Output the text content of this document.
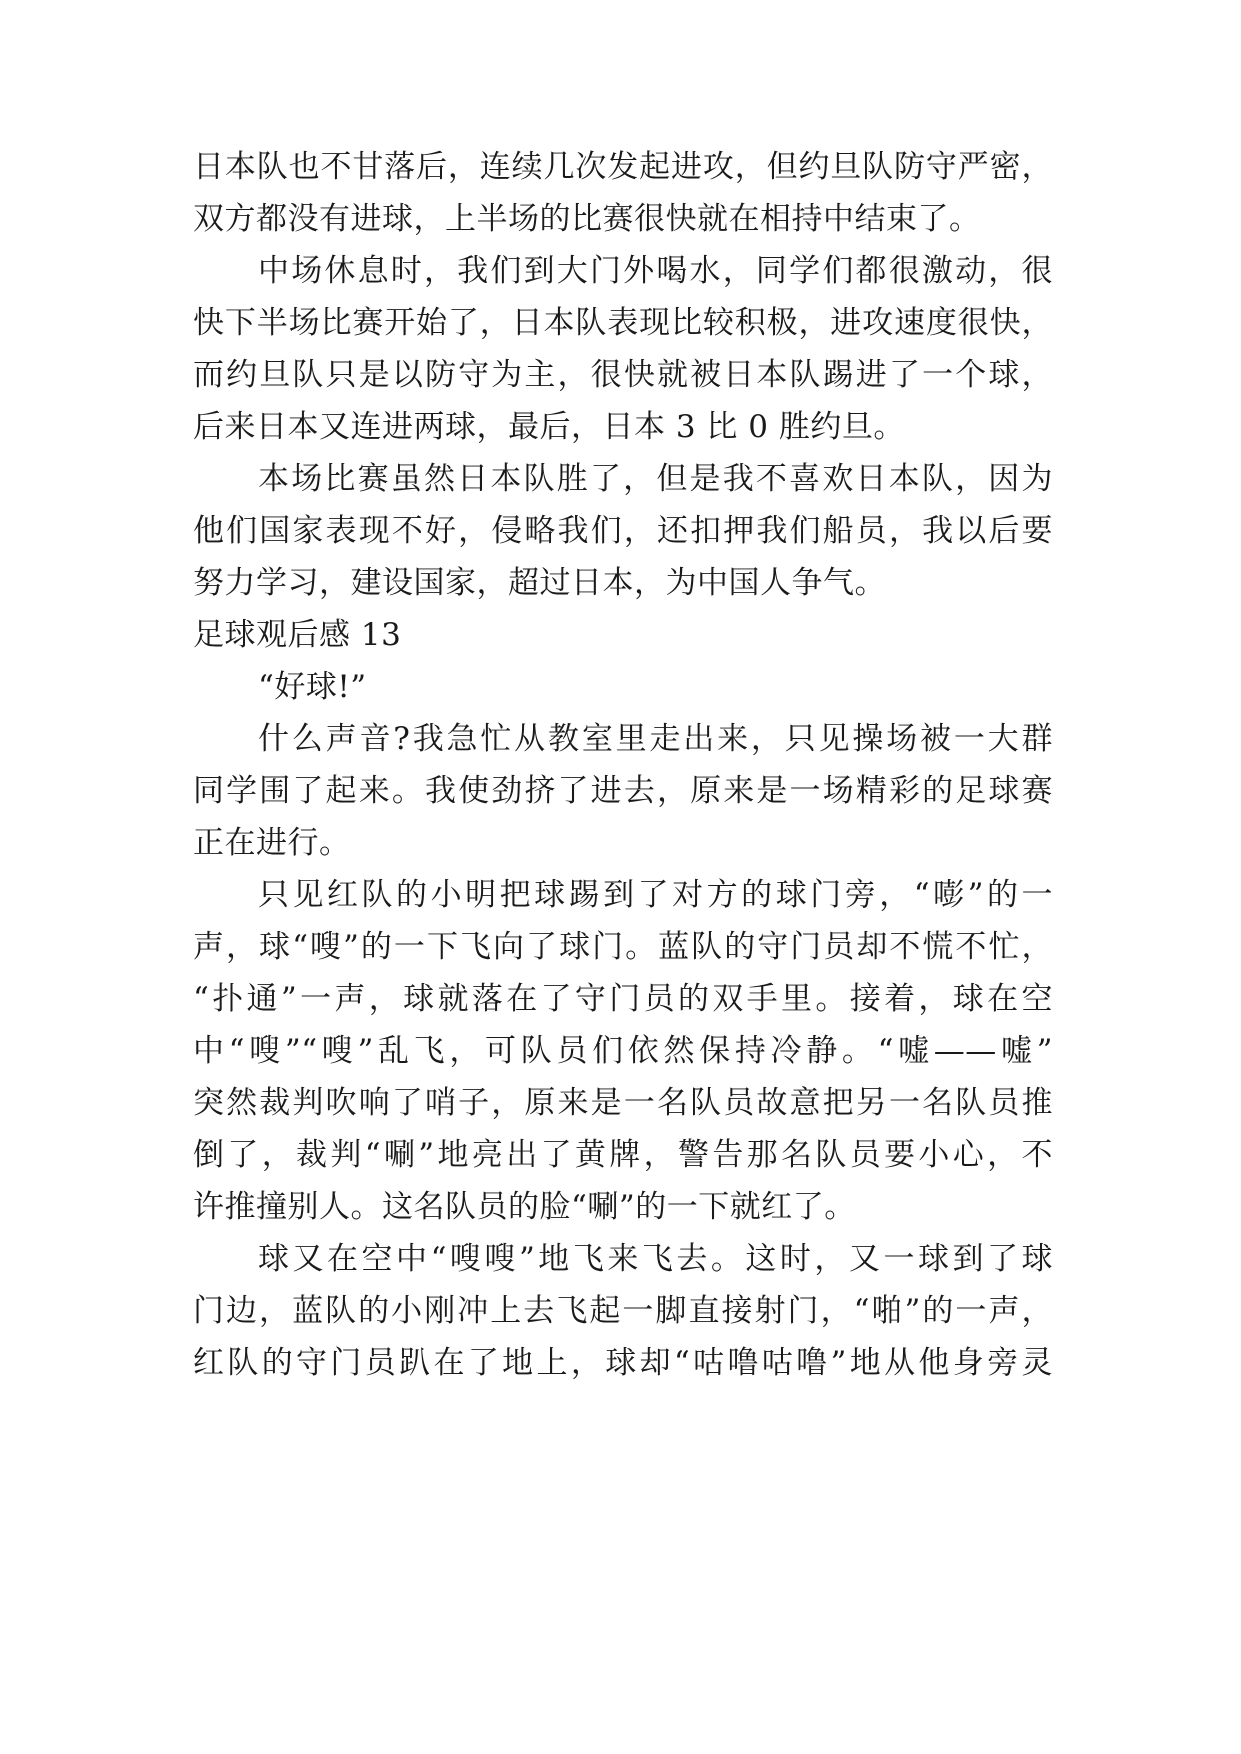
日本队也不甘落后，连续几次发起进攻，但约旦队防守严密，
双方都没有进球，上半场的比赛很快就在相持中结束了。
中场休息时，我们到大门外喝水，同学们都很激动，很
快下半场比赛开始了，日本队表现比较积极，进攻速度很快，
而约旦队只是以防守为主，很快就被日本队踢进了一个球，
后来日本又连进两球，最后，日本 3 比 0 胜约旦。
本场比赛虽然日本队胜了，但是我不喜欢日本队，因为
他们国家表现不好，侵略我们，还扣押我们船员，我以后要
努力学习，建设国家，超过日本，为中国人争气。
足球观后感 13
“好球!”
什么声音?我急忙从教室里走出来，只见操场被一大群
同学围了起来。我使劲挤了进去，原来是一场精彩的足球赛
正在进行。
只见红队的小明把球踢到了对方的球门旁，“嘭”的一
声，球“嗖”的一下飞向了球门。蓝队的守门员却不慌不忙，
“扑通”一声，球就落在了守门员的双手里。接着，球在空
中“嗖”“嗖”乱飞，可队员们依然保持冷静。“嘘——嘘”
突然裁判吹响了哨子，原来是一名队员故意把另一名队员推
倒了，裁判“唰”地亮出了黄牌，警告那名队员要小心，不
许推撞别人。这名队员的脸“唰”的一下就红了。
球又在空中“嗖嗖”地飞来飞去。这时，又一球到了球
门边，蓝队的小刚冲上去飞起一脚直接射门，“啪”的一声，
红队的守门员趴在了地上，球却“咕噜咕噜”地从他身旁灵
